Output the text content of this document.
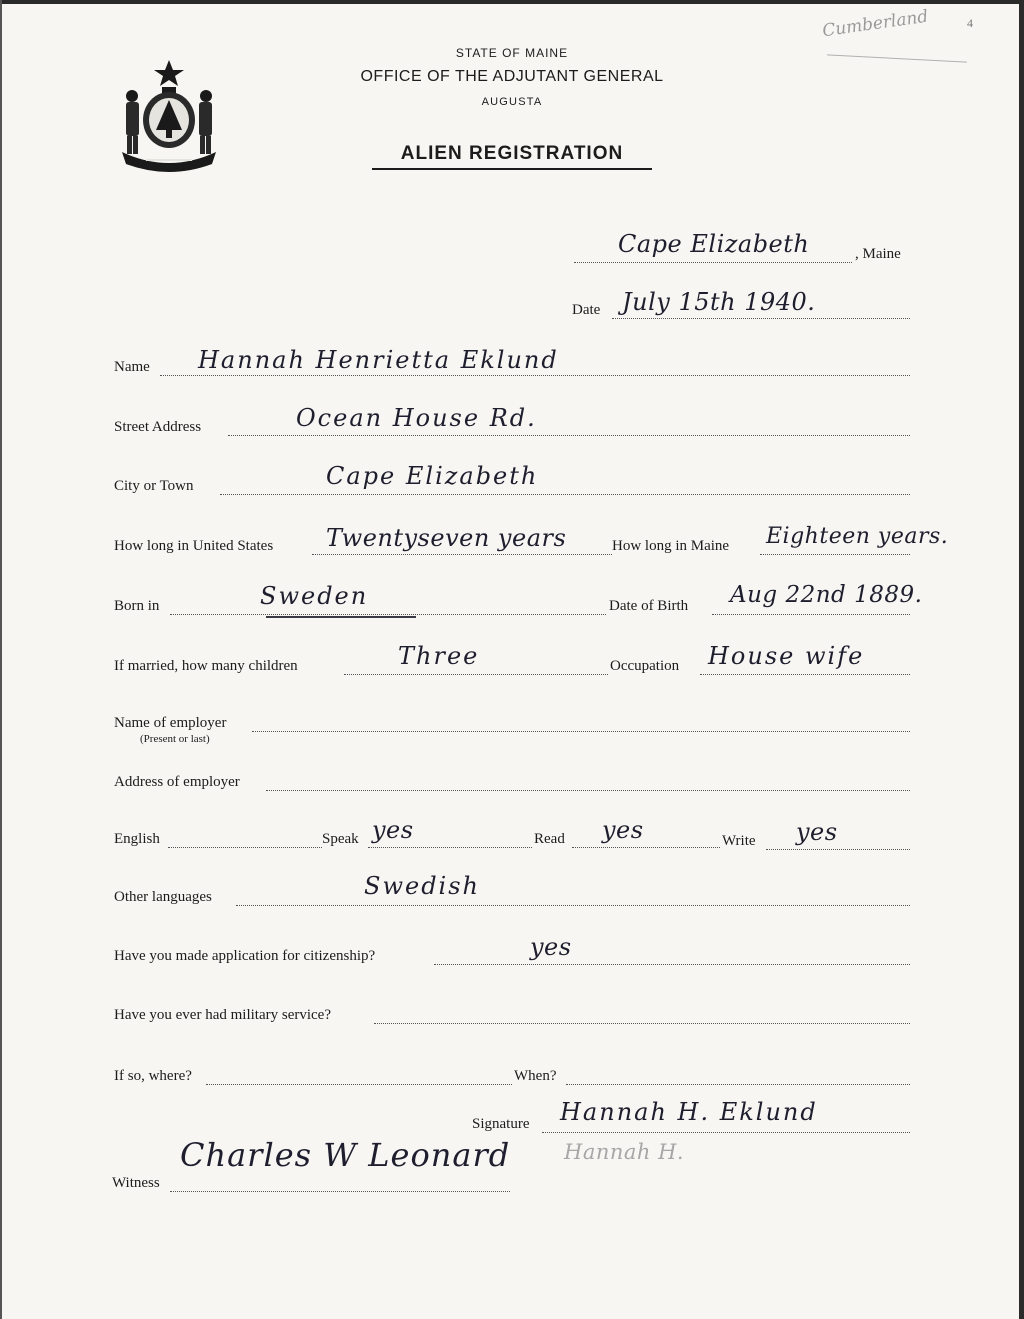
Cumberland	4
STATE OF MAINE
OFFICE OF THE ADJUTANT GENERAL
AUGUSTA
ALIEN REGISTRATION
Cape Elizabeth	, Maine
Date July 15th 1940.
Name Hannah Henrietta Eklund
Street Address	Ocean House Rd.
City or Town	Cape Elizabeth
How long in United States Twentyseven years	How long in Maine Eighteen years.
Born in	Sweden	Date of Birth Aug 22nd 1889.
If married, how many children	Three	Occupation House wife
Name of employer
(Present or last)
Address of employer
English	Speak yes	Read yes	Write yes
Other languages	Swedish
Have you made application for citizenship?	yes
Have you ever had military service?
If so, where?	When?
Signature Hannah H. Eklund
Hannah H.
Witness
Charles W Leonard
